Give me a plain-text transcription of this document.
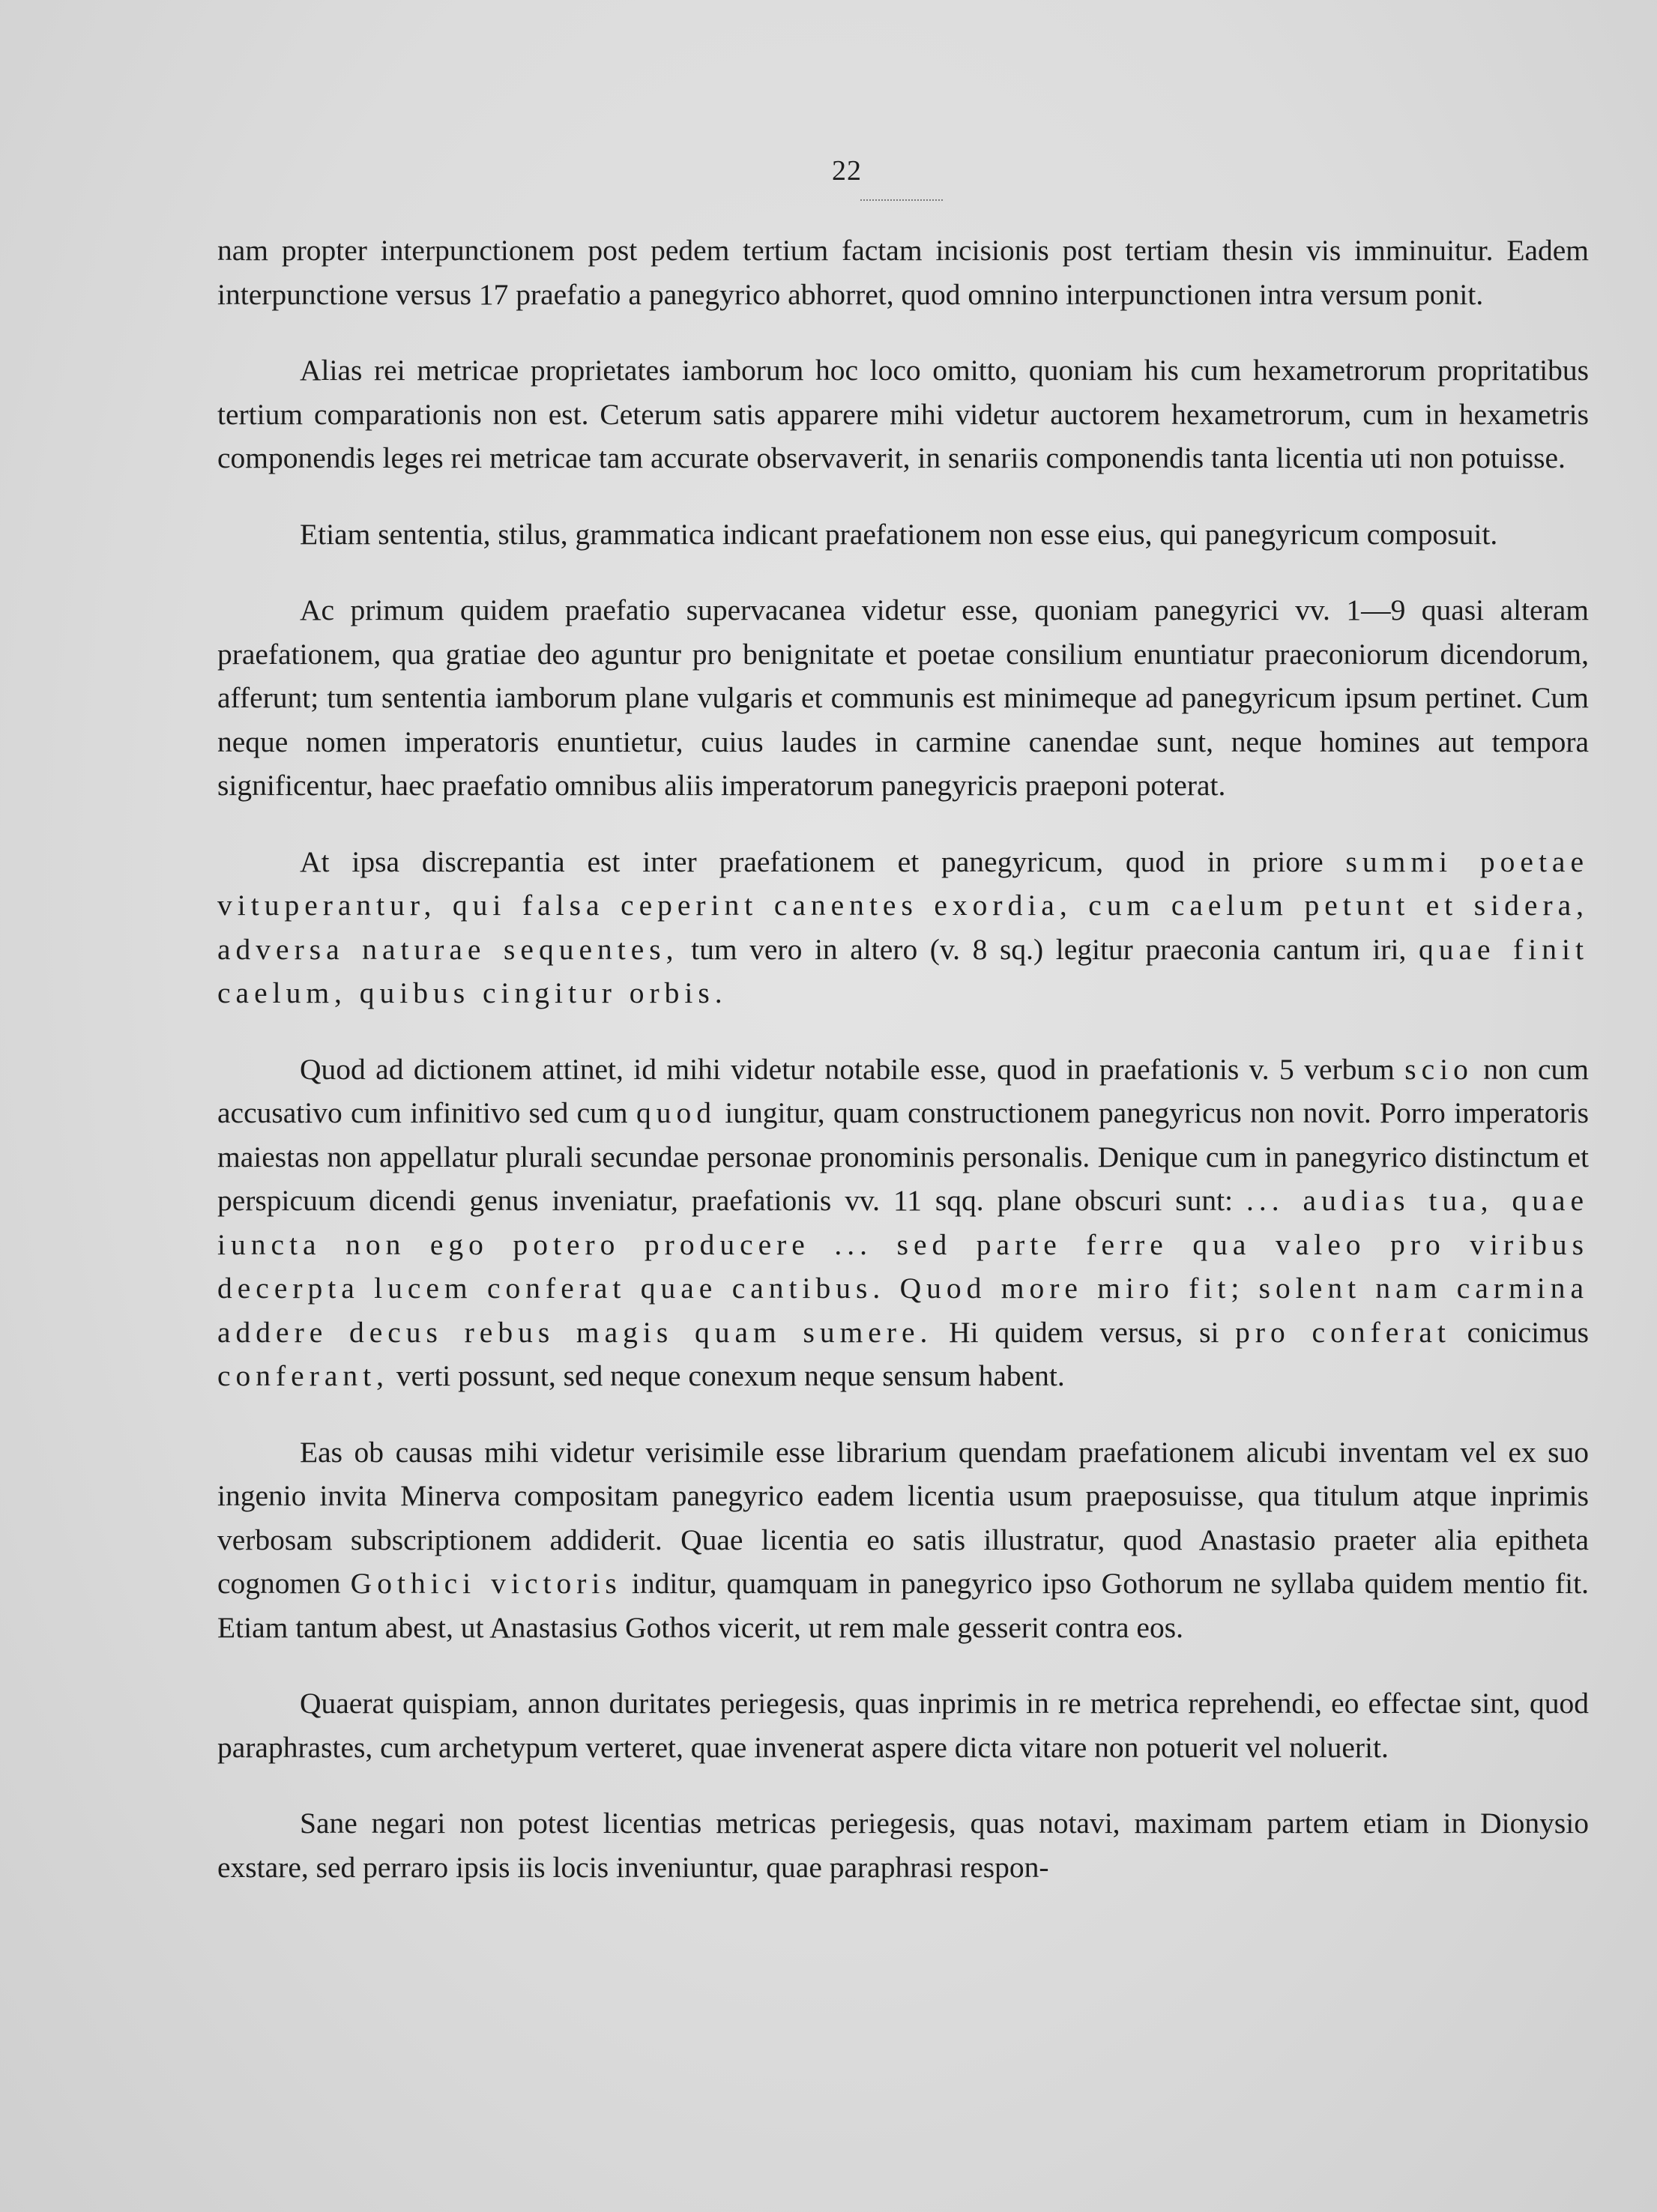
22

nam propter interpunctionem post pedem tertium factam incisionis post tertiam thesin vis imminuitur. Eadem interpunctione versus 17 praefatio a panegyrico abhorret, quod omnino interpunctionen intra versum ponit.

Alias rei metricae proprietates iamborum hoc loco omitto, quoniam his cum hexametrorum propritatibus tertium comparationis non est. Ceterum satis apparere mihi videtur auctorem hexametrorum, cum in hexametris componendis leges rei metricae tam accurate observaverit, in senariis componendis tanta licentia uti non potuisse.

Etiam sententia, stilus, grammatica indicant praefationem non esse eius, qui panegyricum composuit.

Ac primum quidem praefatio supervacanea videtur esse, quoniam panegyrici vv. 1—9 quasi alteram praefationem, qua gratiae deo aguntur pro benignitate et poetae consilium enuntiatur praeconiorum dicendorum, afferunt; tum sententia iamborum plane vulgaris et communis est minimeque ad panegyricum ipsum pertinet. Cum neque nomen imperatoris enuntietur, cuius laudes in carmine canendae sunt, neque homines aut tempora significentur, haec praefatio omnibus aliis imperatorum panegyricis praeponi poterat.

At ipsa discrepantia est inter praefationem et panegyricum, quod in priore summi poetae vituperantur, qui falsa ceperint canentes exordia, cum caelum petunt et sidera, adversa naturae sequentes, tum vero in altero (v. 8 sq.) legitur praeconia cantum iri, quae finit caelum, quibus cingitur orbis.

Quod ad dictionem attinet, id mihi videtur notabile esse, quod in praefationis v. 5 verbum scio non cum accusativo cum infinitivo sed cum quod iungitur, quam constructionem panegyricus non novit. Porro imperatoris maiestas non appellatur plurali secundae personae pronominis personalis. Denique cum in panegyrico distinctum et perspicuum dicendi genus inveniatur, praefationis vv. 11 sqq. plane obscuri sunt: ... audias tua, quae iuncta non ego potero producere ... sed parte ferre qua valeo pro viribus decerpta lucem conferat quae cantibus. Quod more miro fit; solent nam carmina addere decus rebus magis quam sumere. Hi quidem versus, si pro conferat conicimus conferant, verti possunt, sed neque conexum neque sensum habent.

Eas ob causas mihi videtur verisimile esse librarium quendam praefationem alicubi inventam vel ex suo ingenio invita Minerva compositam panegyrico eadem licentia usum praeposuisse, qua titulum atque inprimis verbosam subscriptionem addiderit. Quae licentia eo satis illustratur, quod Anastasio praeter alia epitheta cognomen Gothici victoris inditur, quamquam in panegyrico ipso Gothorum ne syllaba quidem mentio fit. Etiam tantum abest, ut Anastasius Gothos vicerit, ut rem male gesserit contra eos.

Quaerat quispiam, annon duritates periegesis, quas inprimis in re metrica reprehendi, eo effectae sint, quod paraphrastes, cum archetypum verteret, quae invenerat aspere dicta vitare non potuerit vel noluerit.

Sane negari non potest licentias metricas periegesis, quas notavi, maximam partem etiam in Dionysio exstare, sed perraro ipsis iis locis inveniuntur, quae paraphrasi respon-
